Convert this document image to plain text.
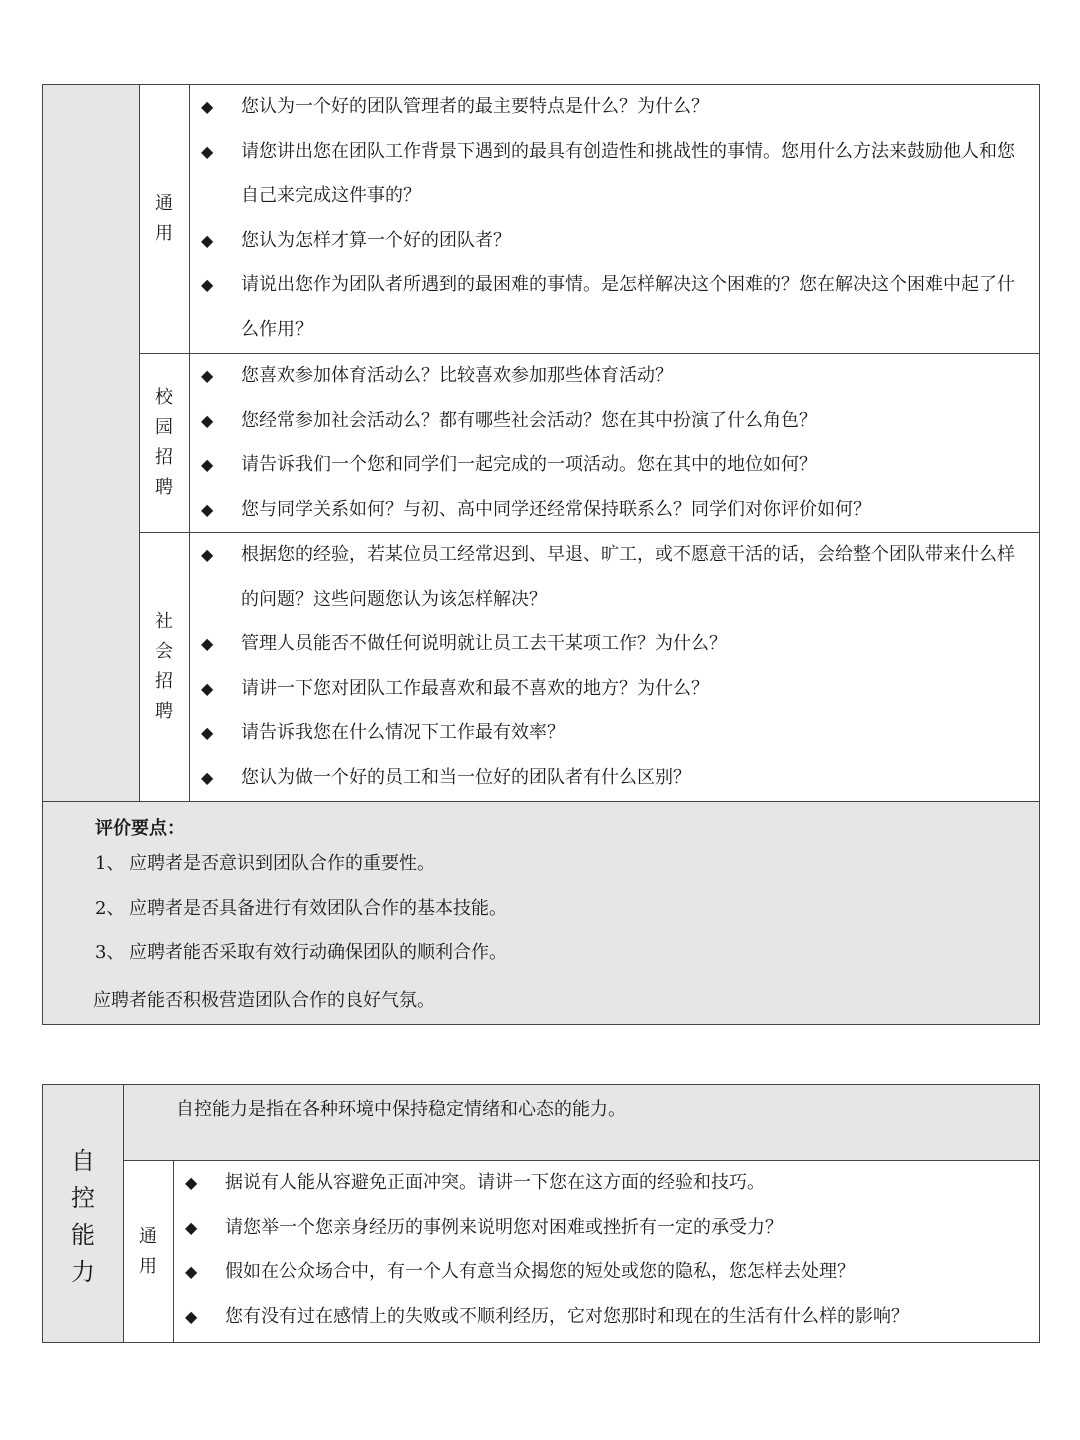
通
用
◆ 您认为一个好的团队管理者的最主要特点是什么？为什么？
◆ 请您讲出您在团队工作背景下遇到的最具有创造性和挑战性的事情。您用什么方法来鼓励他人和您自己来完成这件事的？
◆ 您认为怎样才算一个好的团队者？
◆ 请说出您作为团队者所遇到的最困难的事情。是怎样解决这个困难的？您在解决这个困难中起了什么作用？
校
园
招
聘
◆ 您喜欢参加体育活动么？比较喜欢参加那些体育活动？
◆ 您经常参加社会活动么？都有哪些社会活动？您在其中扮演了什么角色？
◆ 请告诉我们一个您和同学们一起完成的一项活动。您在其中的地位如何？
◆ 您与同学关系如何？与初、高中同学还经常保持联系么？同学们对你评价如何？
社
会
招
聘
◆ 根据您的经验，若某位员工经常迟到、早退、旷工，或不愿意干活的话，会给整个团队带来什么样的问题？这些问题您认为该怎样解决？
◆ 管理人员能否不做任何说明就让员工去干某项工作？为什么？
◆ 请讲一下您对团队工作最喜欢和最不喜欢的地方？为什么？
◆ 请告诉我您在什么情况下工作最有效率？
◆ 您认为做一个好的员工和当一位好的团队者有什么区别？
评价要点：
1、 应聘者是否意识到团队合作的重要性。
2、 应聘者是否具备进行有效团队合作的基本技能。
3、 应聘者能否采取有效行动确保团队的顺利合作。
应聘者能否积极营造团队合作的良好气氛。
自
控
能
力
自控能力是指在各种环境中保持稳定情绪和心态的能力。
通
用
◆ 据说有人能从容避免正面冲突。请讲一下您在这方面的经验和技巧。
◆ 请您举一个您亲身经历的事例来说明您对困难或挫折有一定的承受力？
◆ 假如在公众场合中，有一个人有意当众揭您的短处或您的隐私，您怎样去处理？
◆ 您有没有过在感情上的失败或不顺利经历，它对您那时和现在的生活有什么样的影响？
